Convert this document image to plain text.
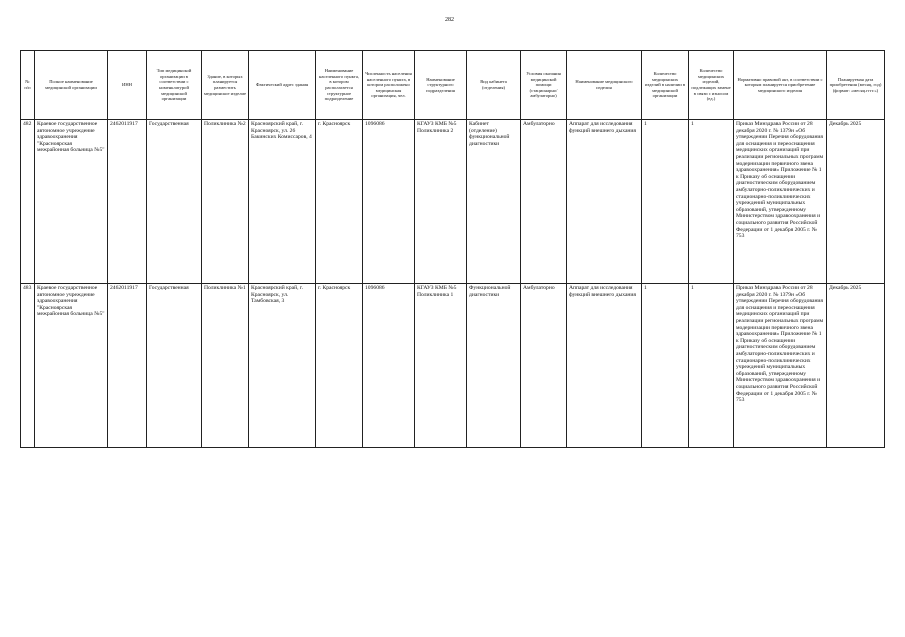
282
№ п/п	Полное наименование медицинской организации	ИНН	Тип медицинской организации в соответствии с номенклатурой медицинской организации	Здание, в которых планируется разместить медицинское изделие	Фактический адрес здания	Наименование населенного пункта, в котором располагается структурное подразделение	Численность населения населенного пункта, в котором расположено медицинская организация, чел.	Наименование структурного подразделения	Вид кабинета (отделения)	Условия оказания медицинской помощи (стационарно/ амбулаторно)	Наименование медицинского изделия	Количество медицинских изделий в наличии в медицинской организации	Количество медицинских изделий, подлежащих замене в связи с износом (ед.)	Нормативно правовой акт, в соответствии с которым планируется приобретение медицинского изделия	Планируемая дата приобретения (месяц, год) (формат: «месяц.гггг.»)
482	Краевое государственное автономное учреждение здравоохранения "Красноярская межрайонная больница №5"	2462011917	Государственная	Поликлиника №2	Красноярский край, г. Красноярск, ул. 26 Бакинских Комиссаров, 4	г. Красноярск	1096086	КГАУЗ КМБ №5 Поликлиника 2	Кабинет (отделение) функциональной диагностики	Амбулаторно	Аппарат для исследования функций внешнего дыхания	1	1	Приказ Минздрава России от 28 декабря 2020 г. № 1379н «Об утверждении Перечня оборудования для оснащения и переоснащения медицинских организаций при реализации региональных программ модернизации первичного звена здравоохранения» Приложение № 1 к Приказу об оснащении диагностическим оборудованием амбулаторно-поликлинических и стационарно-поликлинических учреждений муниципальных образований, утвержденному Министерством здравоохранения и социального развития Российской Федерации от 1 декабря 2005 г. № 753	Декабрь 2025
483	Краевое государственное автономное учреждение здравоохранения "Красноярская межрайонная больница №5"	2462011917	Государственная	Поликлиника №1	Красноярский край, г. Красноярск, ул. Тамбовская, 3	г. Красноярск	1096086	КГАУЗ КМБ №5 Поликлиника 1	Функциональной диагностики	Амбулаторно	Аппарат для исследования функций внешнего дыхания	1	1	Приказ Минздрава России от 28 декабря 2020 г. № 1379н «Об утверждении Перечня оборудования для оснащения и переоснащения медицинских организаций при реализации региональных программ модернизации первичного звена здравоохранения» Приложение № 1 к Приказу об оснащении диагностическим оборудованием амбулаторно-поликлинических и стационарно-поликлинических учреждений муниципальных образований, утвержденному Министерством здравоохранения и социального развития Российской Федерации от 1 декабря 2005 г. № 753	Декабрь 2025
